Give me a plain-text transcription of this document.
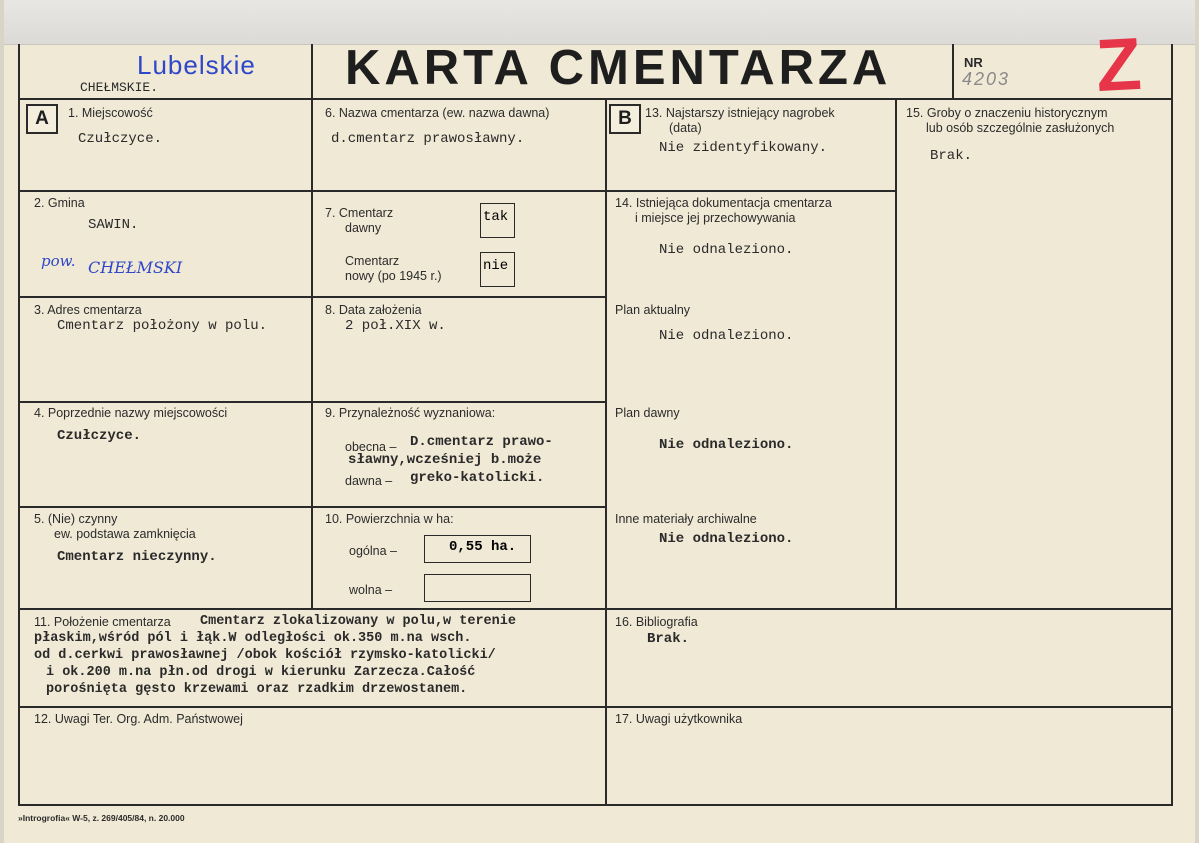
Lubelskie
CHEŁMSKIE.	KARTA CMENTARZA	NR
4203 Z
A	1. Miejscowość
Czułczyce.
2. Gmina
SAWIN.
pow. CHEŁMSKI
3. Adres cmentarza
Cmentarz położony w polu.
4. Poprzednie nazwy miejscowości
Czułczyce.
5. (Nie) czynny
ew. podstawa zamknięcia
Cmentarz nieczynny.
6. Nazwa cmentarza (ew. nazwa dawna)
d.cmentarz prawosławny.
7. Cmentarz
dawny
tak
Cmentarz
nowy (po 1945 r.)
nie
8. Data założenia
2 poł.XIX w.
9. Przynależność wyznaniowa:
obecna – D.cmentarz prawo-
sławny,wcześniej b.może
dawna – greko-katolicki.
10. Powierzchnia w ha:
ogólna –	0,55 ha.
wolna –
B	13. Najstarszy istniejący nagrobek
(data)
Nie zidentyfikowany.
14. Istniejąca dokumentacja cmentarza
i miejsce jej przechowywania
Nie odnaleziono.
Plan aktualny
Nie odnaleziono.
Plan dawny
Nie odnaleziono.
Inne materiały archiwalne
Nie odnaleziono.
15. Groby o znaczeniu historycznym
lub osób szczególnie zasłużonych
Brak.
11. Położenie cmentarza Cmentarz zlokalizowany w polu,w terenie
płaskim,wśród pól i łąk.W odległości ok.350 m.na wsch.
od d.cerkwi prawosławnej /obok kościół rzymsko-katolicki/
i ok.200 m.na płn.od drogi w kierunku Zarzecza.Całość
porośnięta gęsto krzewami oraz rzadkim drzewostanem.
16. Bibliografia
Brak.
12. Uwagi Ter. Org. Adm. Państwowej	17. Uwagi użytkownika
»Introgrofia« W-5, z. 269/405/84, n. 20.000
